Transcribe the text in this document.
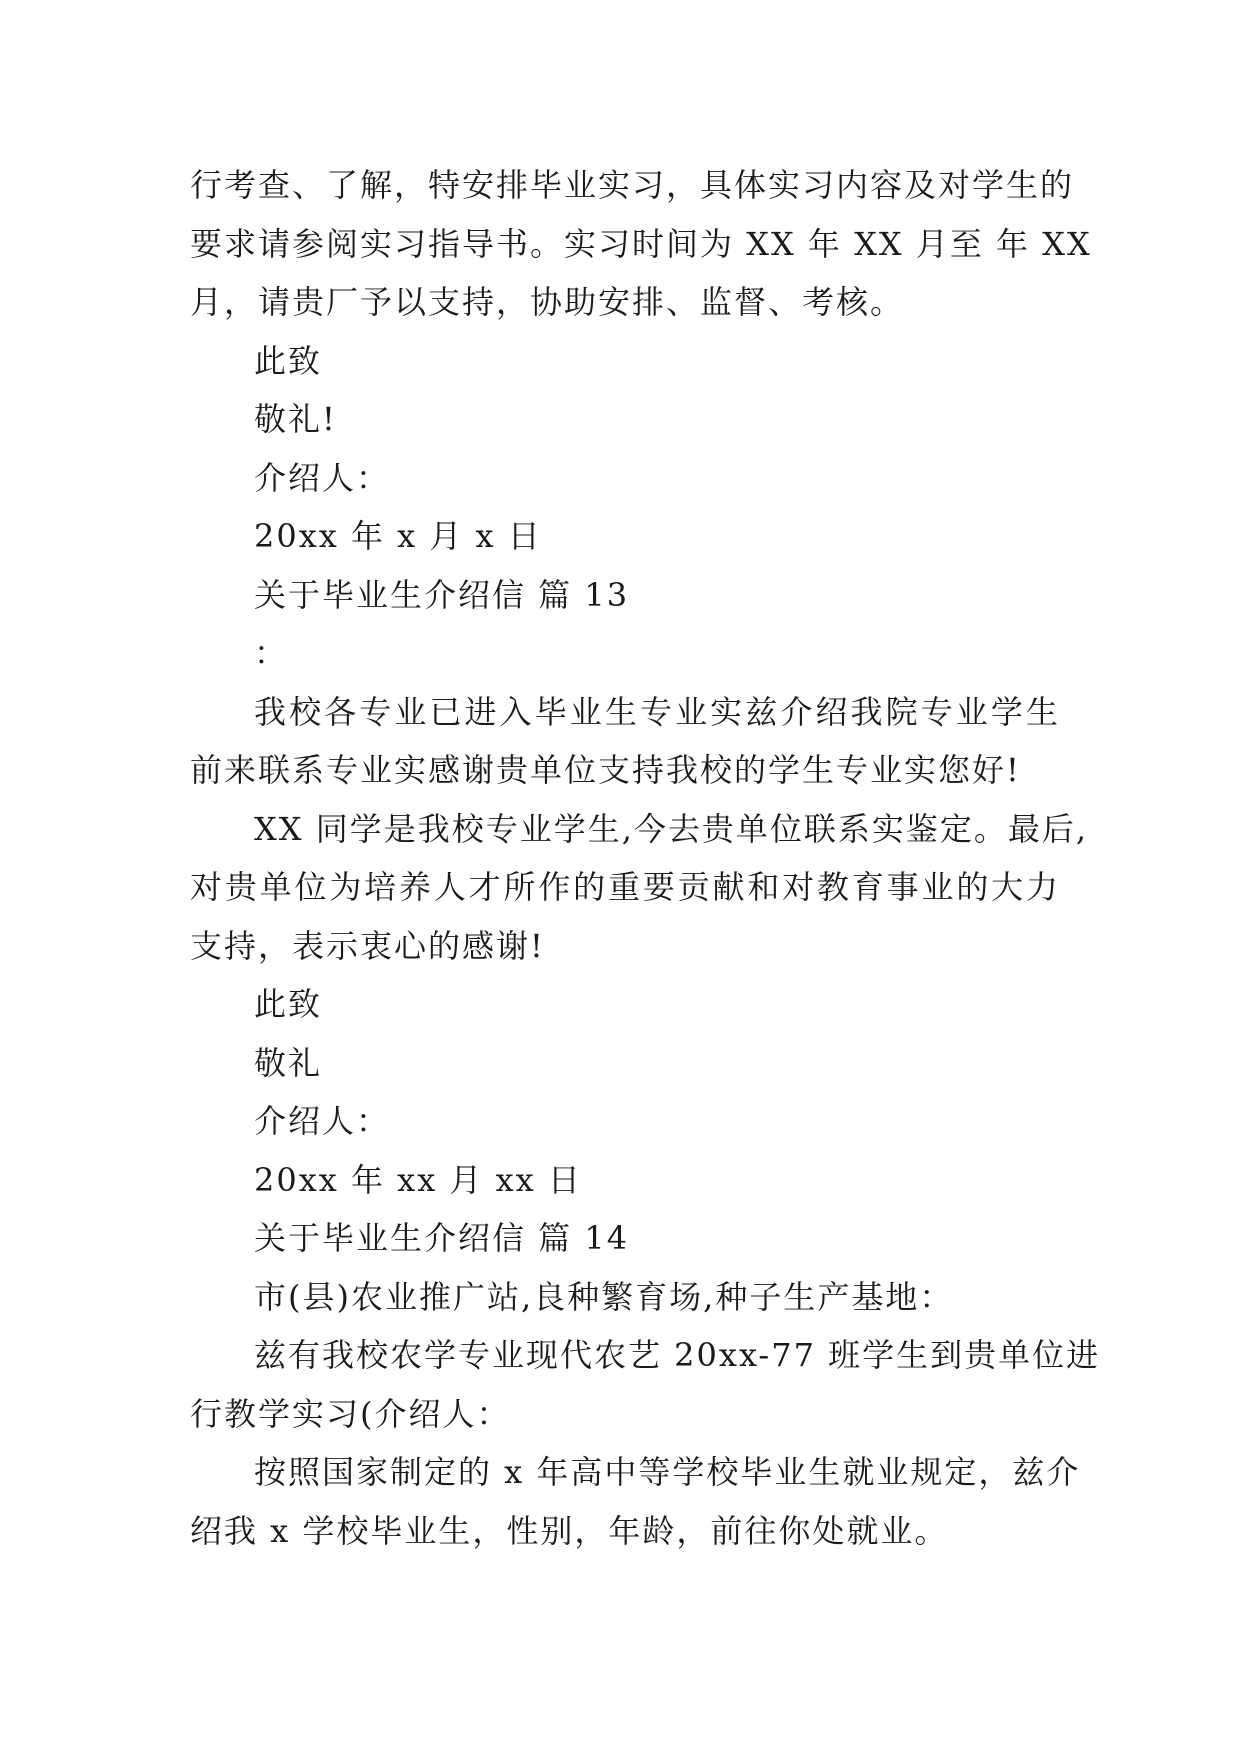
行考查、了解，特安排毕业实习，具体实习内容及对学生的
要求请参阅实习指导书。实习时间为 XX 年 XX 月至 年 XX
月，请贵厂予以支持，协助安排、监督、考核。
此致
敬礼!
介绍人：
20xx 年 x 月 x 日
关于毕业生介绍信 篇 13
：
我校各专业已进入毕业生专业实兹介绍我院专业学生
前来联系专业实感谢贵单位支持我校的学生专业实您好!
XX 同学是我校专业学生,今去贵单位联系实鉴定。最后,
对贵单位为培养人才所作的重要贡献和对教育事业的大力
支持，表示衷心的感谢!
此致
敬礼
介绍人：
20xx 年 xx 月 xx 日
关于毕业生介绍信 篇 14
市(县)农业推广站,良种繁育场,种子生产基地：
兹有我校农学专业现代农艺 20xx-77 班学生到贵单位进
行教学实习(介绍人：
按照国家制定的 x 年高中等学校毕业生就业规定，兹介
绍我 x 学校毕业生，性别，年龄，前往你处就业。
